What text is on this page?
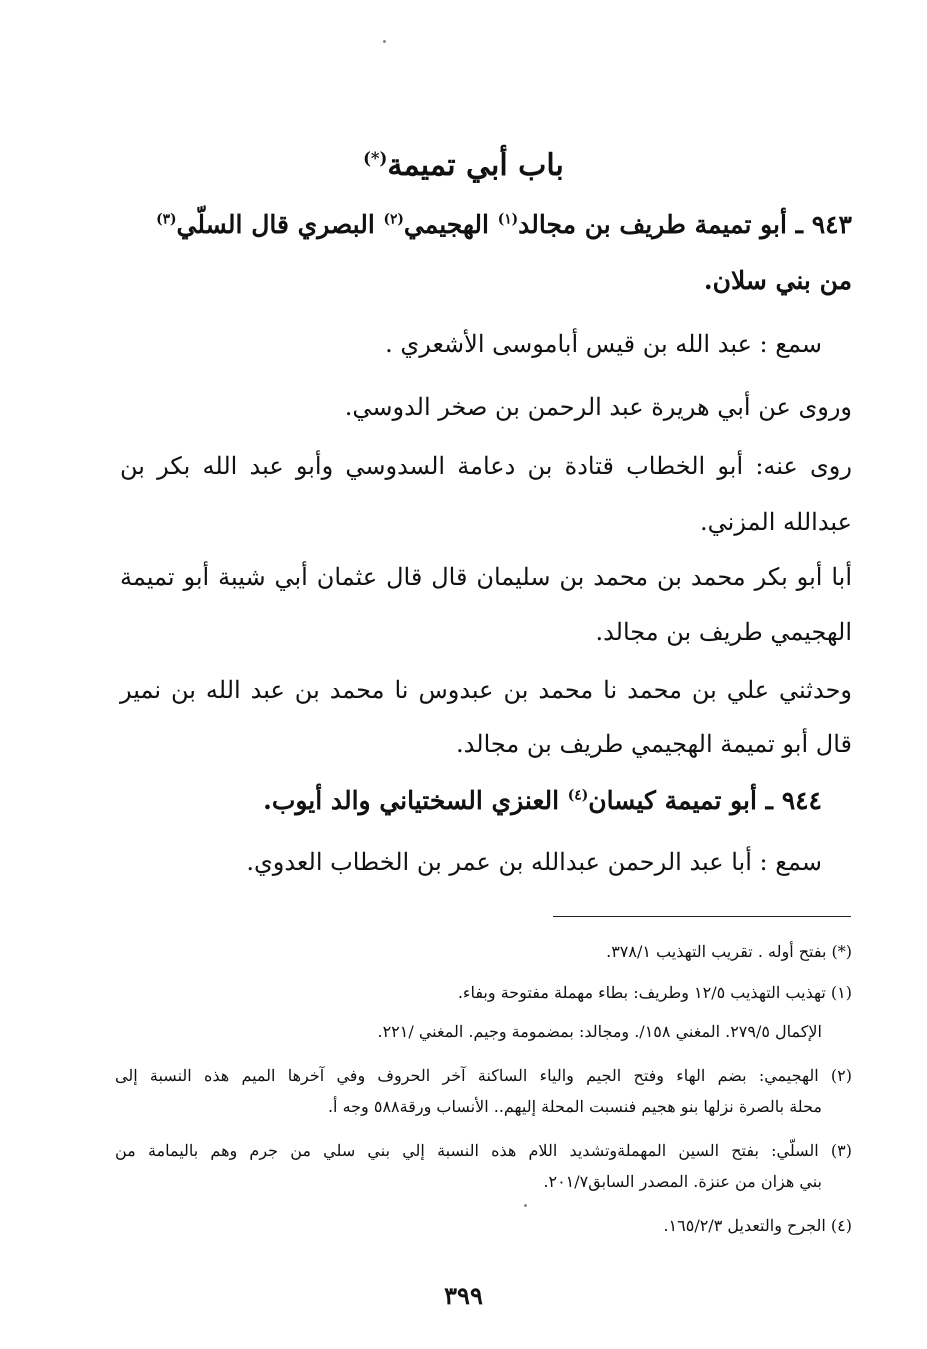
باب أبي تميمة(*)
٩٤٣ ـ أبو تميمة طريف بن مجالد$^{(١)}$ الهجيمي$^{(٢)}$ البصري قال السلّي$^{(٣)}$
من بني سلان.
سمع : عبد الله بن قيس أباموسى الأشعري .
وروى عن أبي هريرة عبد الرحمن بن صخر الدوسي.
روى عنه: أبو الخطاب قتادة بن دعامة السدوسي وأبو عبد الله بكر بن
عبدالله المزني.
أبا أبو بكر محمد بن محمد بن سليمان قال قال عثمان أبي شيبة أبو تميمة
الهجيمي طريف بن مجالد.
وحدثني علي بن محمد نا محمد بن عبدوس نا محمد بن عبد الله بن نمير
قال أبو تميمة الهجيمي طريف بن مجالد.
٩٤٤ ـ أبو تميمة كيسان$^{(٤)}$ العنزي السختياني والد أيوب.
سمع : أبا عبد الرحمن عبدالله بن عمر بن الخطاب العدوي.
(*) بفتح أوله . تقريب التهذيب ٣٧٨/١.
(١) تهذيب التهذيب ١٢/٥ وطريف: بطاء مهملة مفتوحة وبفاء.
الإكمال ٢٧٩/٥. المغني ١٥٨/. ومجالد: بمضمومة وجيم. المغني /٢٢١.
(٢) الهجيمي: بضم الهاء وفتح الجيم والياء الساكنة آخر الحروف وفي آخرها الميم هذه النسبة إلى
محلة بالصرة نزلها بنو هجيم فنسبت المحلة إليهم.. الأنساب ورقة٥٨٨ وجه أ.
(٣) السلّي: بفتح السين المهملةوتشديد اللام هذه النسبة إلي بني سلي من جرم وهم باليمامة من
بني هزان من عنزة. المصدر السابق٢٠١/٧.
(٤) الجرح والتعديل ١٦٥/٢/٣.
٣٩٩
